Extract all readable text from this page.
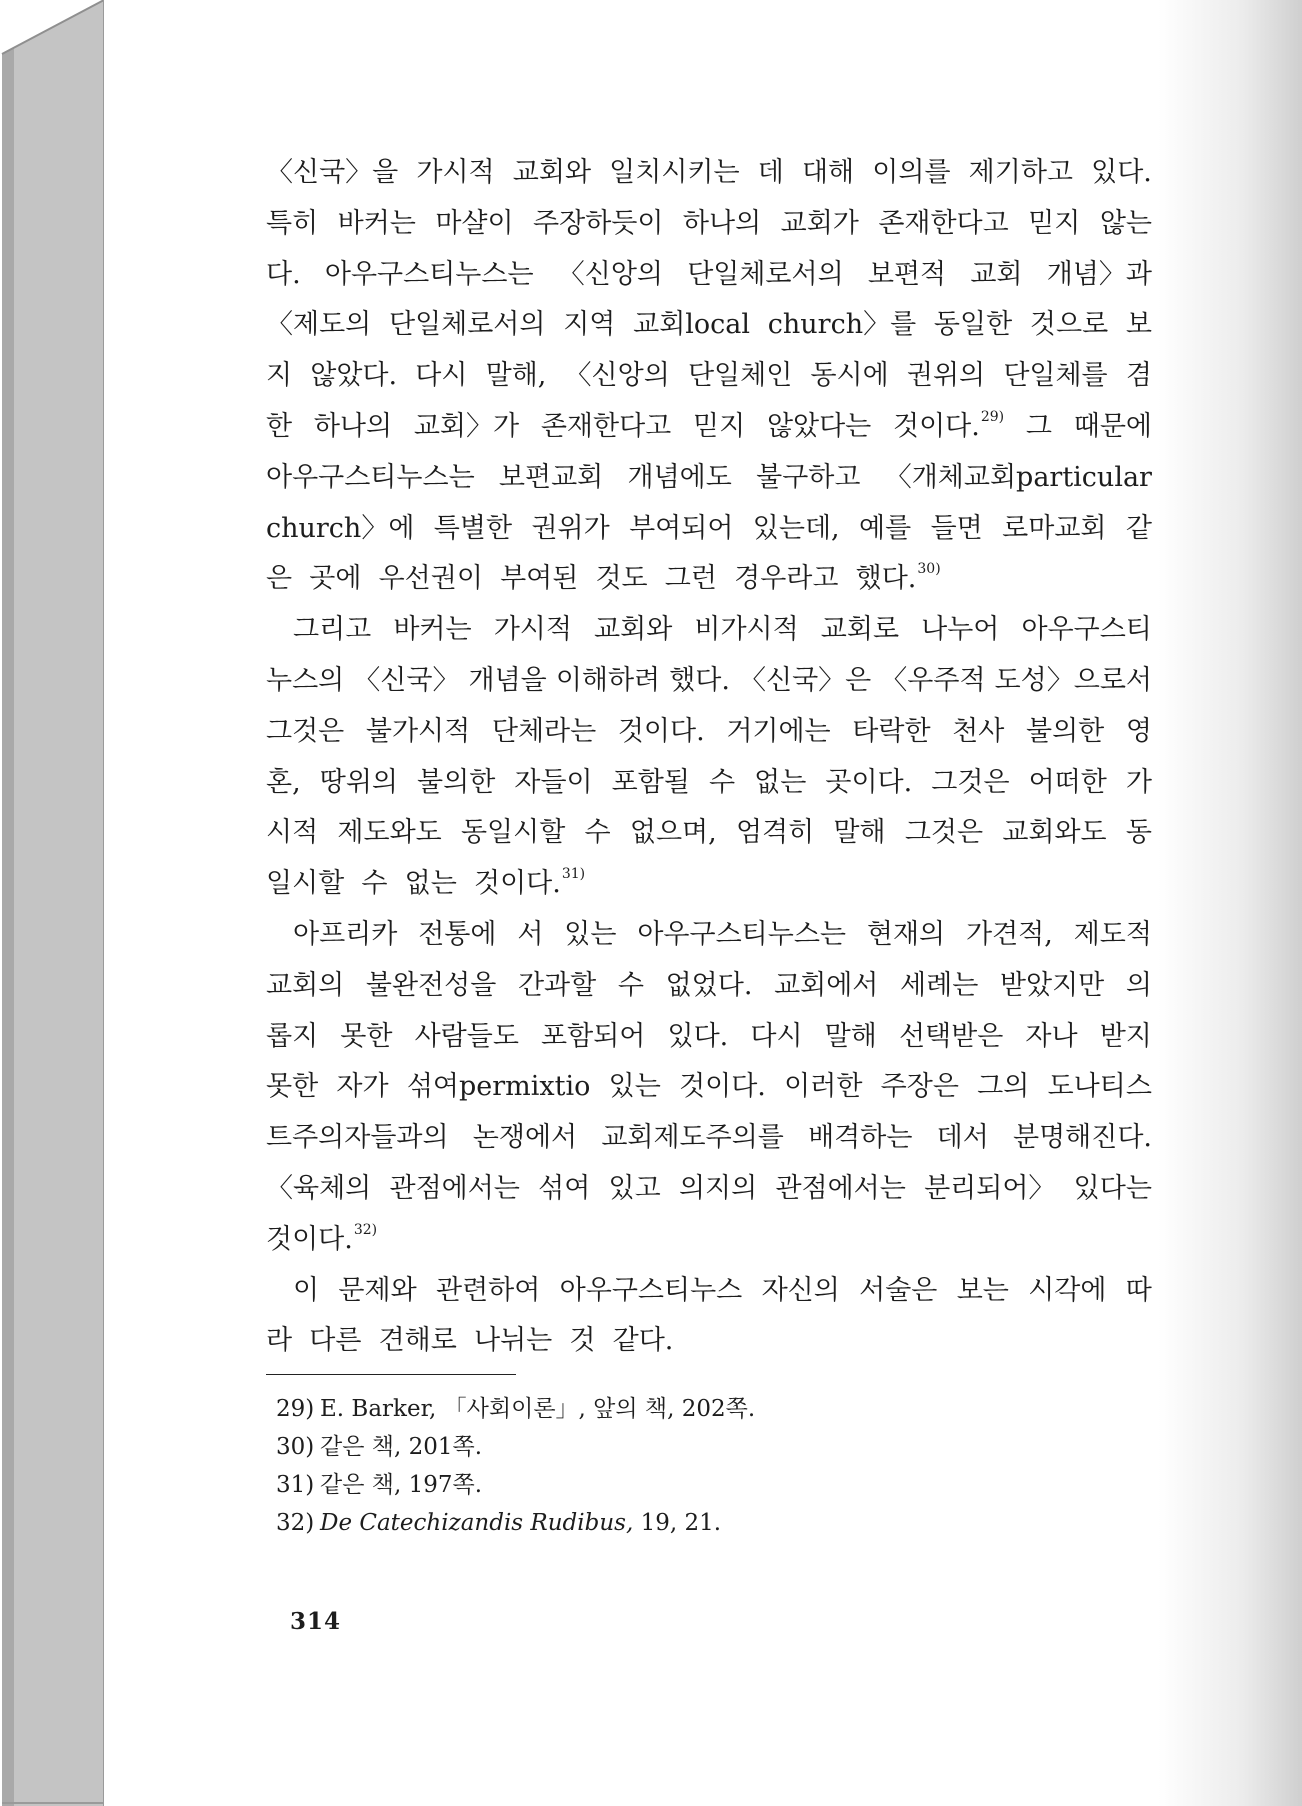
〈신국〉을 가시적 교회와 일치시키는 데 대해 이의를 제기하고 있다.
특히 바커는 마샬이 주장하듯이 하나의 교회가 존재한다고 믿지 않는
다. 아우구스티누스는 〈신앙의 단일체로서의 보편적 교회 개념〉과
〈제도의 단일체로서의 지역 교회local church〉를 동일한 것으로 보
지 않았다. 다시 말해, 〈신앙의 단일체인 동시에 권위의 단일체를 겸
한 하나의 교회〉가 존재한다고 믿지 않았다는 것이다.$^{29)}$ 그 때문에
아우구스티누스는 보편교회 개념에도 불구하고 〈개체교회particular
church〉에 특별한 권위가 부여되어 있는데, 예를 들면 로마교회 같
은  곳에  우선권이  부여된  것도  그런  경우라고  했다.$^{30)}$
그리고 바커는 가시적 교회와 비가시적 교회로 나누어 아우구스티
누스의 〈신국〉 개념을 이해하려 했다. 〈신국〉은 〈우주적 도성〉으로서
그것은 불가시적 단체라는 것이다. 거기에는 타락한 천사 불의한 영
혼, 땅위의 불의한 자들이 포함될 수 없는 곳이다. 그것은 어떠한 가
시적 제도와도 동일시할 수 없으며, 엄격히 말해 그것은 교회와도 동
일시할  수  없는  것이다.$^{31)}$
아프리카 전통에 서 있는 아우구스티누스는 현재의 가견적, 제도적
교회의 불완전성을 간과할 수 없었다. 교회에서 세례는 받았지만 의
롭지 못한 사람들도 포함되어 있다. 다시 말해 선택받은 자나 받지
못한 자가 섞여permixtio 있는 것이다. 이러한 주장은 그의 도나티스
트주의자들과의 논쟁에서 교회제도주의를 배격하는 데서 분명해진다.
〈육체의 관점에서는 섞여 있고 의지의 관점에서는 분리되어〉 있다는
것이다.$^{32)}$
이 문제와 관련하여 아우구스티누스 자신의 서술은 보는 시각에 따
라  다른  견해로  나뉘는  것  같다.
29) E. Barker, 「사회이론」, 앞의 책, 202쪽.
30) 같은 책, 201쪽.
31) 같은 책, 197쪽.
32) De Catechizandis Rudibus, 19, 21.
314
